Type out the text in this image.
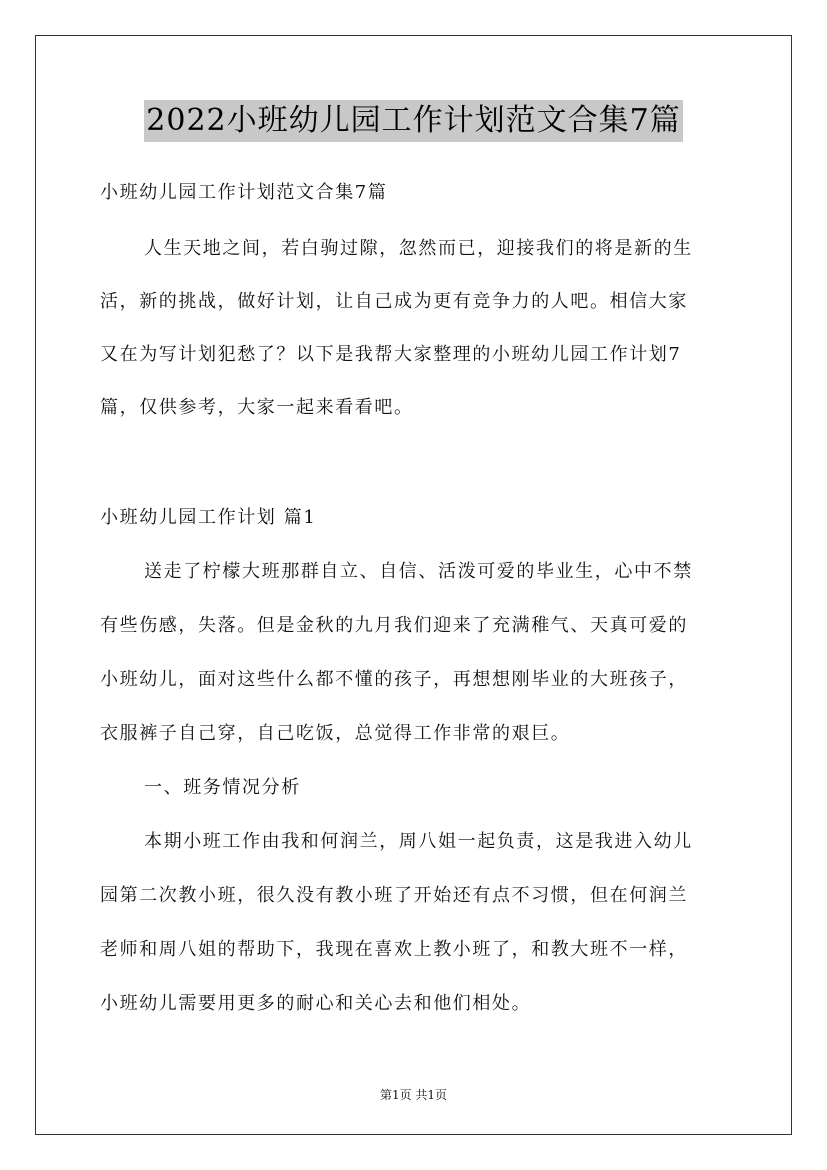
2022小班幼儿园工作计划范文合集7篇
小班幼儿园工作计划范文合集7篇
人生天地之间，若白驹过隙，忽然而已，迎接我们的将是新的生
活，新的挑战，做好计划，让自己成为更有竞争力的人吧。相信大家
又在为写计划犯愁了？以下是我帮大家整理的小班幼儿园工作计划7
篇，仅供参考，大家一起来看看吧。
小班幼儿园工作计划 篇1
送走了柠檬大班那群自立、自信、活泼可爱的毕业生，心中不禁
有些伤感，失落。但是金秋的九月我们迎来了充满稚气、天真可爱的
小班幼儿，面对这些什么都不懂的孩子，再想想刚毕业的大班孩子，
衣服裤子自己穿，自己吃饭，总觉得工作非常的艰巨。
一、班务情况分析
本期小班工作由我和何润兰，周八姐一起负责，这是我进入幼儿
园第二次教小班，很久没有教小班了开始还有点不习惯，但在何润兰
老师和周八姐的帮助下，我现在喜欢上教小班了，和教大班不一样，
小班幼儿需要用更多的耐心和关心去和他们相处。
第1页 共1页
